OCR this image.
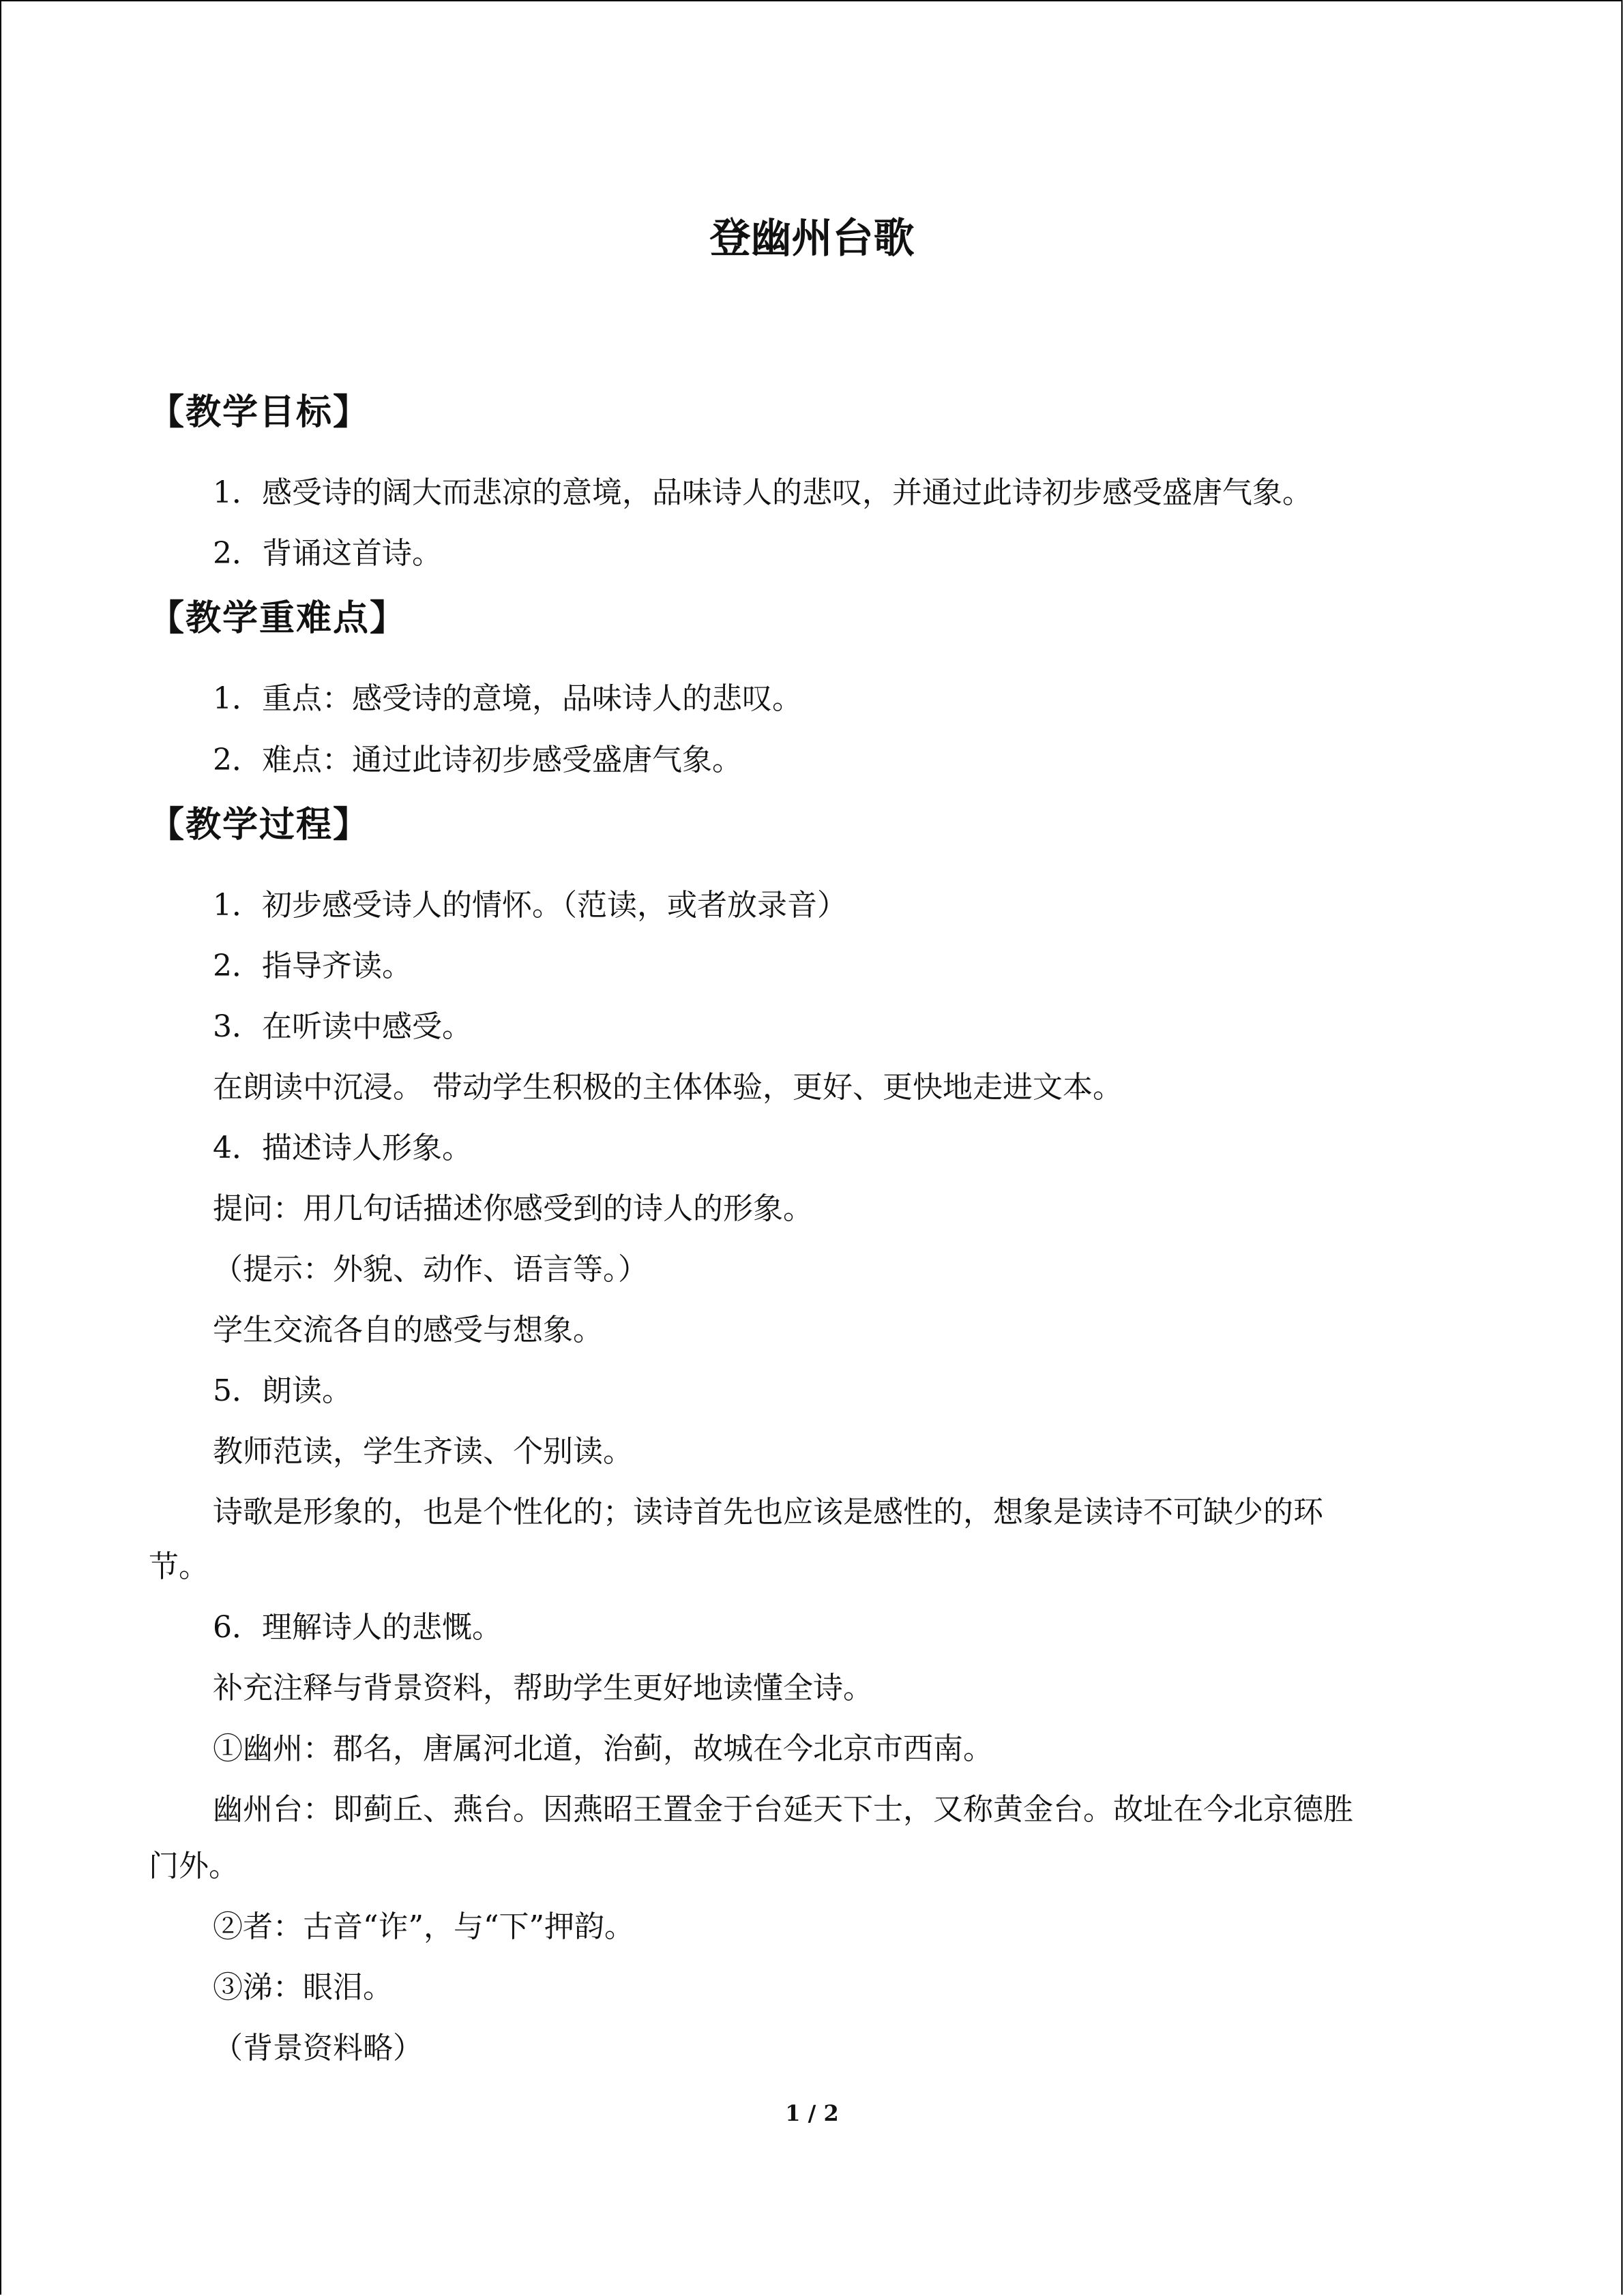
登幽州台歌
【教学目标】
1．感受诗的阔大而悲凉的意境，品味诗人的悲叹，并通过此诗初步感受盛唐气象。
2．背诵这首诗。
【教学重难点】
1．重点：感受诗的意境，品味诗人的悲叹。
2．难点：通过此诗初步感受盛唐气象。
【教学过程】
1．初步感受诗人的情怀。（范读，或者放录音）
2．指导齐读。
3．在听读中感受。
在朗读中沉浸。 带动学生积极的主体体验，更好、更快地走进文本。
4．描述诗人形象。
提问：用几句话描述你感受到的诗人的形象。
（提示：外貌、动作、语言等。）
学生交流各自的感受与想象。
5．朗读。
教师范读，学生齐读、个别读。
诗歌是形象的，也是个性化的；读诗首先也应该是感性的，想象是读诗不可缺少的环
节。
6．理解诗人的悲慨。
补充注释与背景资料，帮助学生更好地读懂全诗。
①幽州：郡名，唐属河北道，治蓟，故城在今北京市西南。
幽州台：即蓟丘、燕台。因燕昭王置金于台延天下士，又称黄金台。故址在今北京德胜
门外。
②者：古音“诈”，与“下”押韵。
③涕：眼泪。
（背景资料略）
1 / 2
